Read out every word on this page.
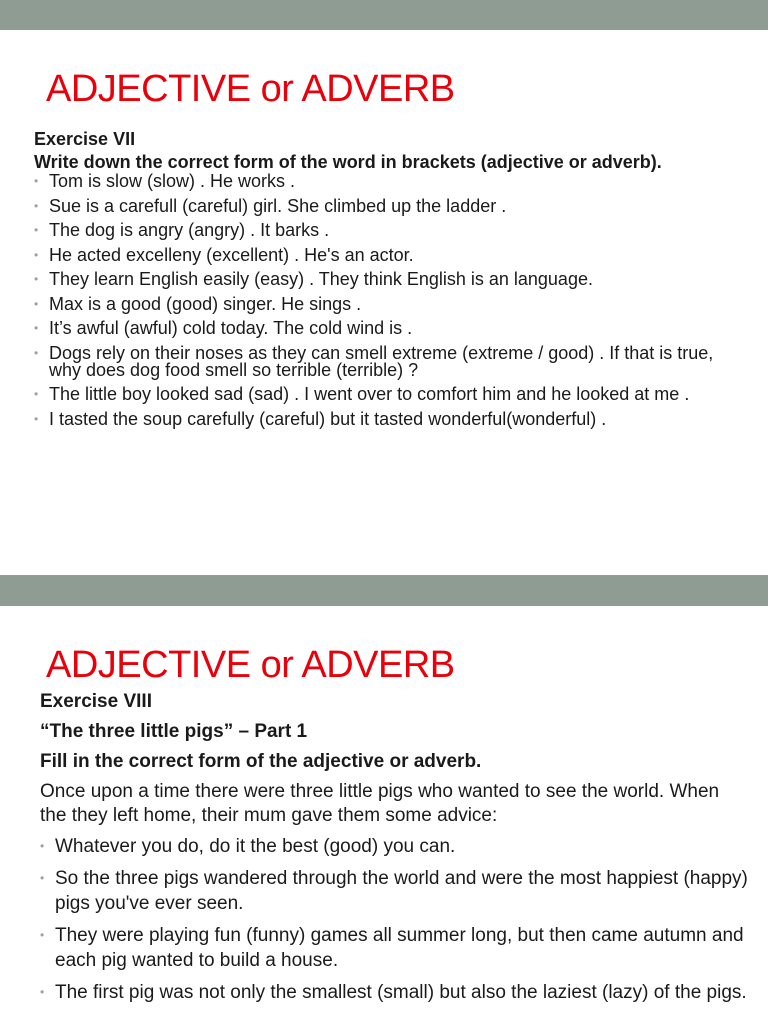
ADJECTIVE or ADVERB
Exercise VII
Write down the correct form of the word in brackets (adjective or adverb).
• Tom is slow (slow) . He works .
• Sue is a carefull (careful) girl. She climbed up the ladder .
• The dog is angry (angry) . It barks .
• He acted excelleny (excellent) . He's an actor.
• They learn English easily (easy) . They think English is an language.
• Max is a good (good) singer. He sings .
• It’s awful (awful) cold today. The cold wind is .
• Dogs rely on their noses as they can smell extreme (extreme / good) . If that is true, why does dog food smell so terrible (terrible) ?
• The little boy looked sad (sad) . I went over to comfort him and he looked at me .
• I tasted the soup carefully (careful) but it tasted wonderful(wonderful) .
ADJECTIVE or ADVERB
Exercise VIII
“The three little pigs” – Part 1
Fill in the correct form of the adjective or adverb.
Once upon a time there were three little pigs who wanted to see the world. When the they left home, their mum gave them some advice:
• Whatever you do, do it the best (good) you can.
• So the three pigs wandered through the world and were the most happiest (happy) pigs you've ever seen.
• They were playing fun (funny) games all summer long, but then came autumn and each pig wanted to build a house.
• The first pig was not only the smallest (small) but also the laziest (lazy) of the pigs.
